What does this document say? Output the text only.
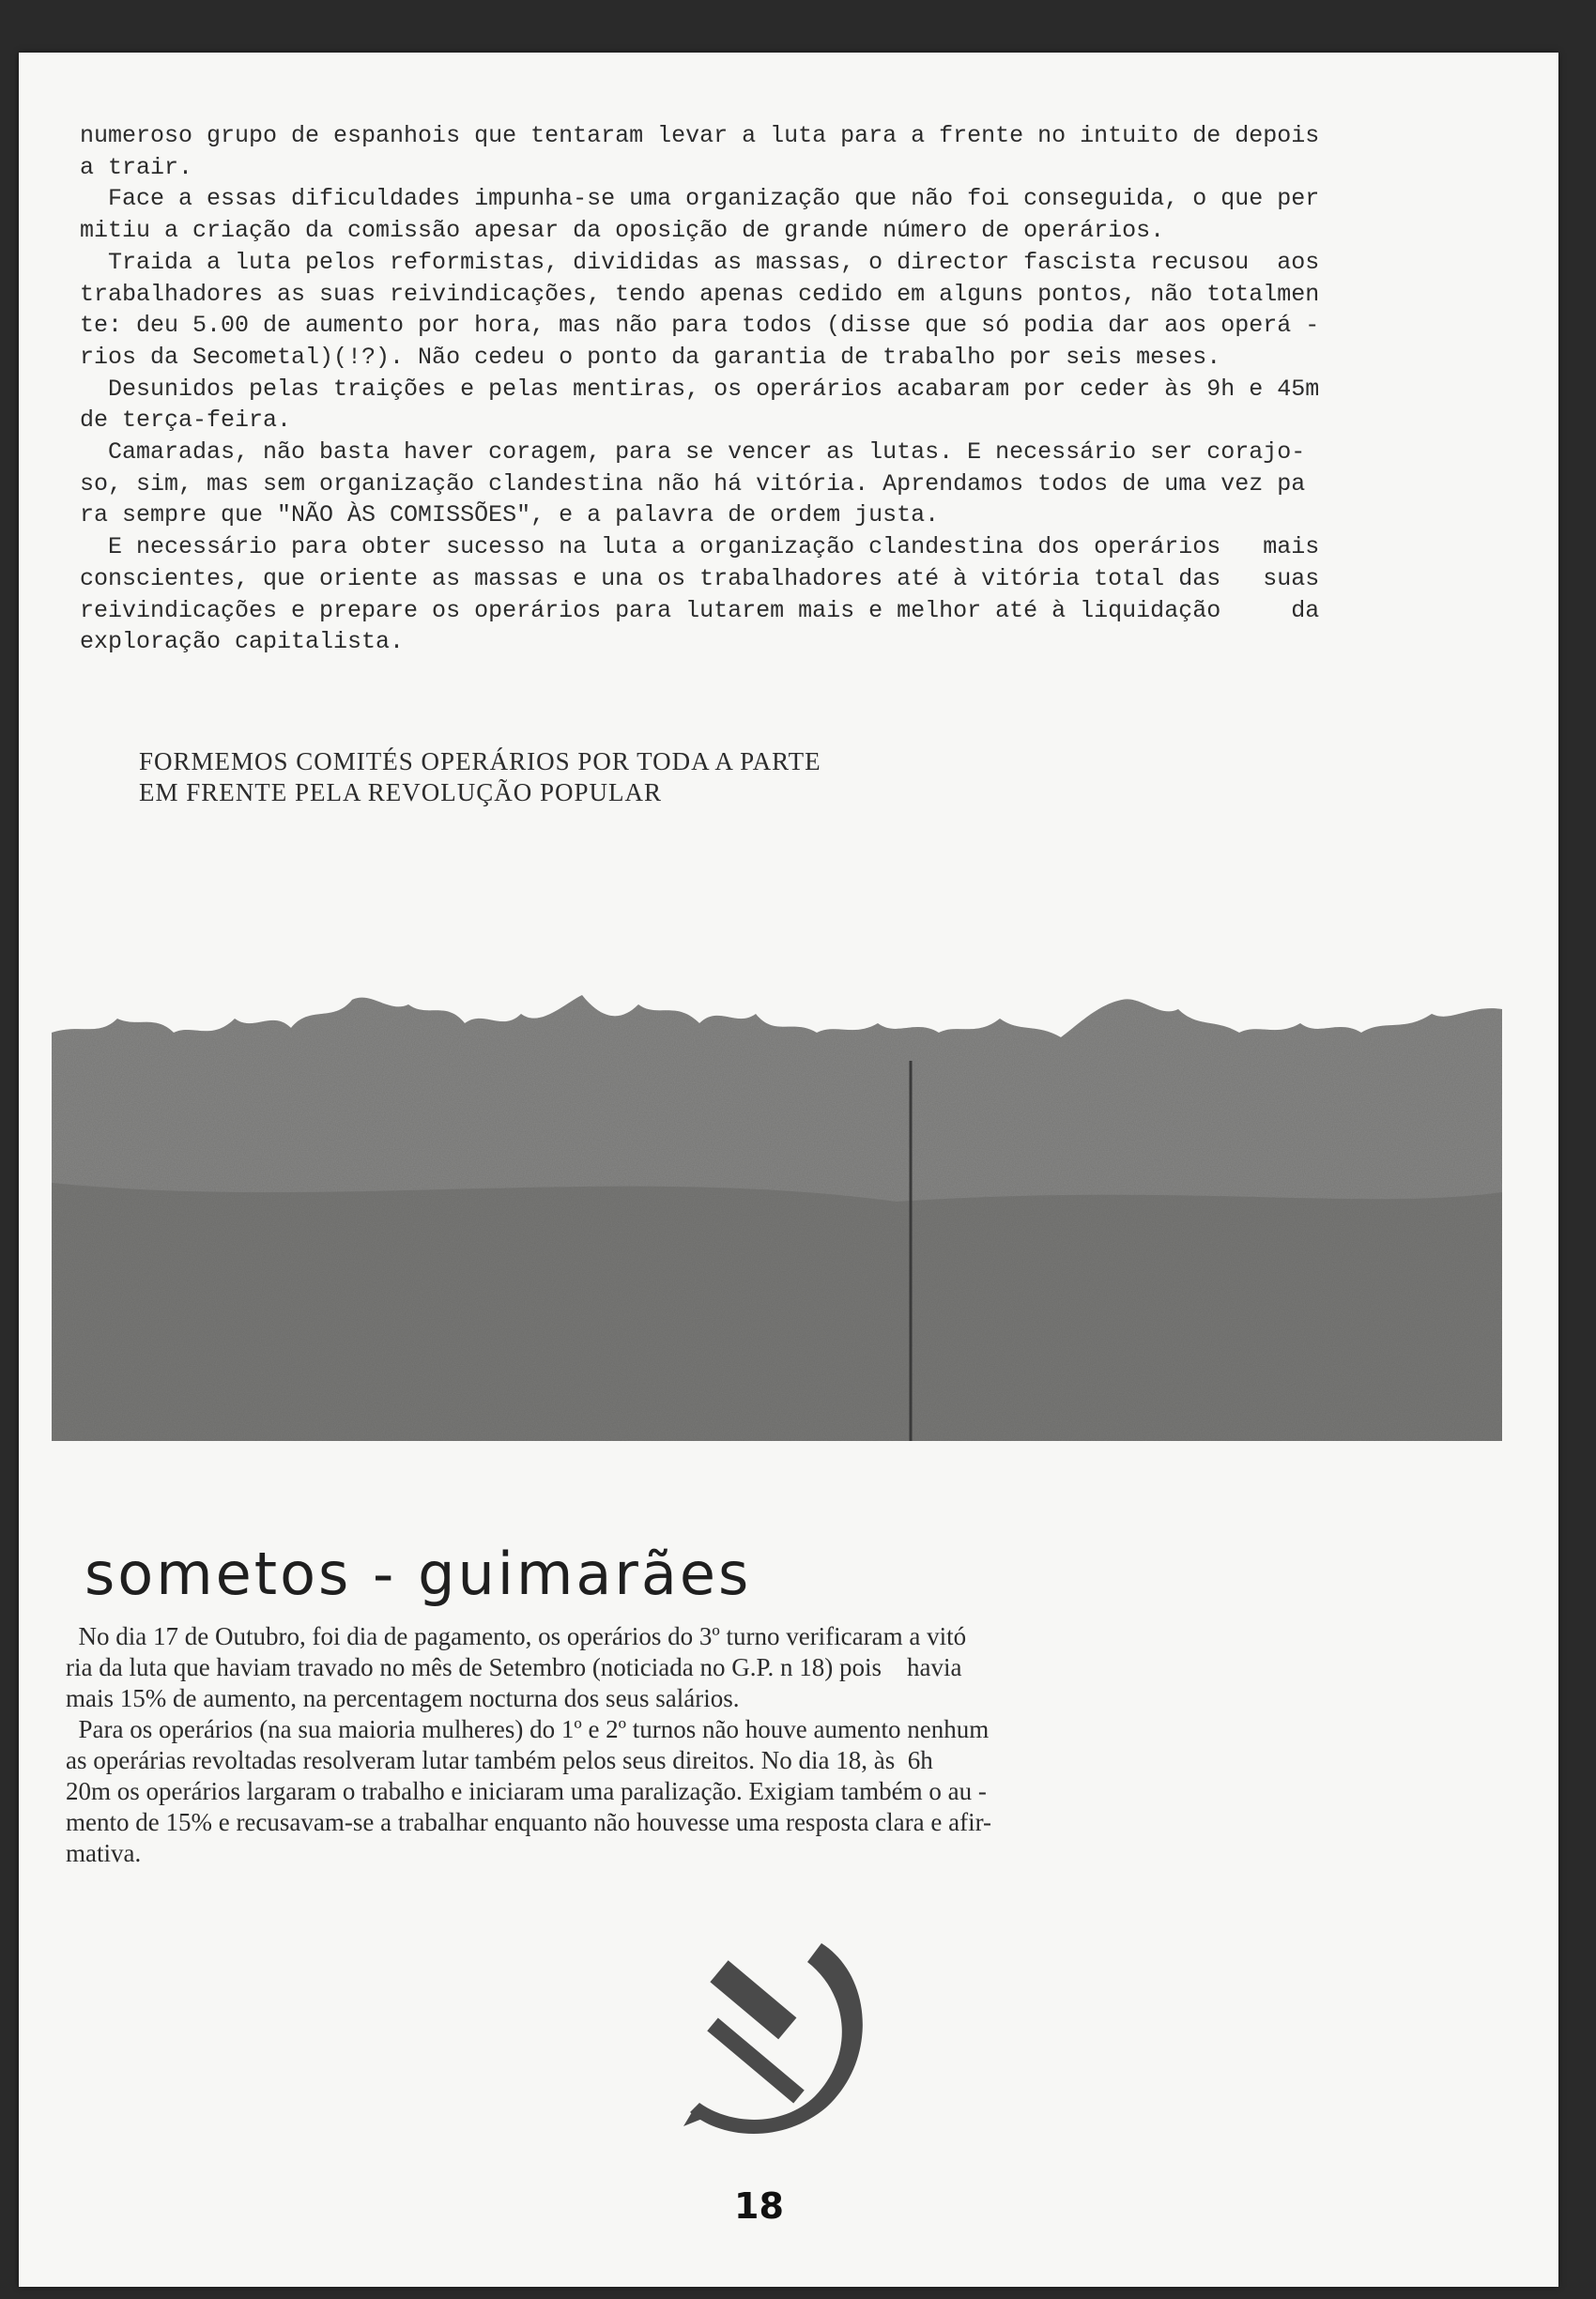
numeroso grupo de espanhois que tentaram levar a luta para a frente no intuito de depois

a trair.

Face a essas dificuldades impunha-se uma organização que não foi conseguida, o que per

mitiu a criação da comissão apesar da oposição de grande número de operários.

Traida a luta pelos reformistas, divididas as massas, o director fascista recusou  aos

trabalhadores as suas reivindicações, tendo apenas cedido em alguns pontos, não totalmen

te: deu 5.00 de aumento por hora, mas não para todos (disse que só podia dar aos operá -

rios da Secometal)(!?). Não cedeu o ponto da garantia de trabalho por seis meses.

Desunidos pelas traições e pelas mentiras, os operários acabaram por ceder às 9h e 45m

de terça-feira.

Camaradas, não basta haver coragem, para se vencer as lutas. E necessário ser corajo-

so, sim, mas sem organização clandestina não há vitória. Aprendamos todos de uma vez pa

ra sempre que "NÃO ÀS COMISSÕES", e a palavra de ordem justa.

E necessário para obter sucesso na luta a organização clandestina dos operários   mais

conscientes, que oriente as massas e una os trabalhadores até à vitória total das   suas

reivindicações e prepare os operários para lutarem mais e melhor até à liquidação     da

exploração capitalista.

FORMEMOS COMITÉS OPERÁRIOS POR TODA A PARTE

EM FRENTE PELA REVOLUÇÃO POPULAR

sometos - guimarães

No dia 17 de Outubro, foi dia de pagamento, os operários do 3º turno verificaram a vitó

ria da luta que haviam travado no mês de Setembro (noticiada no G.P. n 18) pois    havia

mais 15% de aumento, na percentagem nocturna dos seus salários.

Para os operários (na sua maioria mulheres) do 1º e 2º turnos não houve aumento nenhum

as operárias revoltadas resolveram lutar também pelos seus direitos. No dia 18, às  6h

20m os operários largaram o trabalho e iniciaram uma paralização. Exigiam também o au -

mento de 15% e recusavam-se a trabalhar enquanto não houvesse uma resposta clara e afir-

mativa.

18
